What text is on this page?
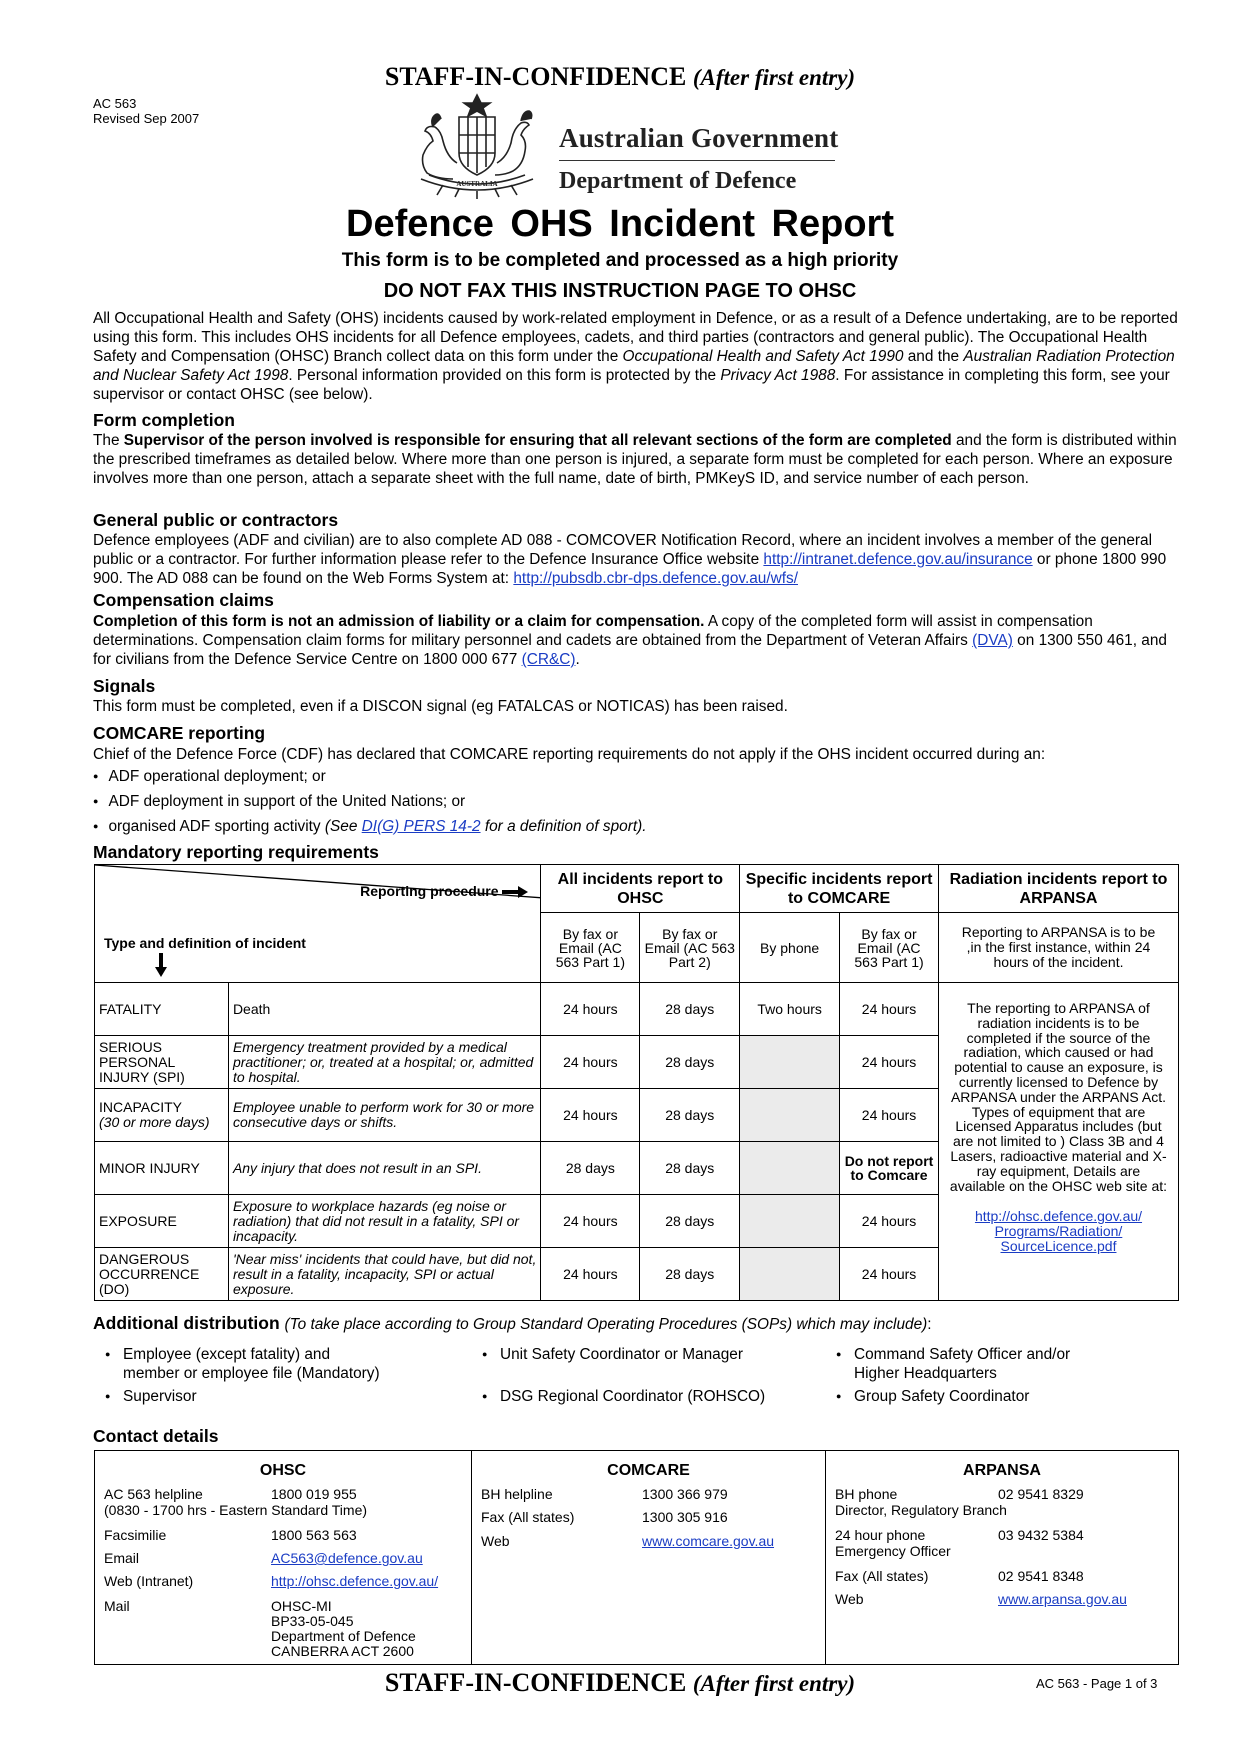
STAFF-IN-CONFIDENCE (After first entry)
AC 563
Revised Sep 2007
AUSTRALIA
Australian Government
Department of Defence
Defence OHS Incident Report
This form is to be completed and processed as a high priority
DO NOT FAX THIS INSTRUCTION PAGE TO OHSC
All Occupational Health and Safety (OHS) incidents caused by work-related employment in Defence, or as a result of a Defence undertaking, are to be reported using this form. This includes OHS incidents for all Defence employees, cadets, and third parties (contractors and general public). The Occupational Health Safety and Compensation (OHSC) Branch collect data on this form under the Occupational Health and Safety Act 1990 and the Australian Radiation Protection and Nuclear Safety Act 1998. Personal information provided on this form is protected by the Privacy Act 1988. For assistance in completing this form, see your supervisor or contact OHSC (see below).
Form completion
The Supervisor of the person involved is responsible for ensuring that all relevant sections of the form are completed and the form is distributed within the prescribed timeframes as detailed below. Where more than one person is injured, a separate form must be completed for each person. Where an exposure involves more than one person, attach a separate sheet with the full name, date of birth, PMKeyS ID, and service number of each person.
General public or contractors
Defence employees (ADF and civilian) are to also complete AD 088 - COMCOVER Notification Record, where an incident involves a member of the general public or a contractor. For further information please refer to the Defence Insurance Office website http://intranet.defence.gov.au/insurance or phone 1800 990 900. The AD 088 can be found on the Web Forms System at: http://pubsdb.cbr-dps.defence.gov.au/wfs/
Compensation claims
Completion of this form is not an admission of liability or a claim for compensation. A copy of the completed form will assist in compensation determinations. Compensation claim forms for military personnel and cadets are obtained from the Department of Veteran Affairs (DVA) on 1300 550 461, and for civilians from the Defence Service Centre on 1800 000 677 (CR&C).
Signals
This form must be completed, even if a DISCON signal (eg FATALCAS or NOTICAS) has been raised.
COMCARE reporting
Chief of the Defence Force (CDF) has declared that COMCARE reporting requirements do not apply if the OHS incident occurred during an:
● ADF operational deployment; or
● ADF deployment in support of the United Nations; or
● organised ADF sporting activity (See DI(G) PERS 14-2 for a definition of sport).
Mandatory reporting requirements
Reporting procedure
Type and definition of incident		All incidents report to OHSC		Specific incidents report to COMCARE		Radiation incidents report to ARPANSA
		By fax or Email (AC 563 Part 1)	By fax or Email (AC 563 Part 2)	By phone	By fax or Email (AC 563 Part 1)	Reporting to ARPANSA is to be ,in the first instance, within 24 hours of the incident.

FATALITY	Death	24 hours	28 days	Two hours	24 hours	The reporting to ARPANSA of radiation incidents is to be completed if the source of the radiation, which caused or had potential to cause an exposure, is currently licensed to Defence by ARPANSA under the ARPANS Act. Types of equipment that are Licensed Apparatus includes (but are not limited to ) Class 3B and 4 Lasers, radioactive material and X-ray equipment, Details are available on the OHSC web site at:
http://ohsc.defence.gov.au/ Programs/Radiation/ SourceLicence.pdf

SERIOUS PERSONAL INJURY (SPI)	Emergency treatment provided by a medical practitioner; or, treated at a hospital; or, admitted to hospital.	24 hours	28 days		24 hours	

INCAPACITY
(30 or more days)	Employee unable to perform work for 30 or more consecutive days or shifts.	24 hours	28 days		24 hours	

MINOR INJURY	Any injury that does not result in an SPI.	28 days	28 days		Do not report to Comcare	

EXPOSURE	Exposure to workplace hazards (eg noise or radiation) that did not result in a fatality, SPI or incapacity.	24 hours	28 days		24 hours	

DANGEROUS OCCURRENCE (DO)	'Near miss' incidents that could have, but did not, result in a fatality, incapacity, SPI or actual exposure.	24 hours	28 days		24 hours	
Additional distribution (To take place according to Group Standard Operating Procedures (SOPs) which may include):
● Employee (except fatality) and
member or employee file (Mandatory)
● Supervisor
● Unit Safety Coordinator or Manager
● DSG Regional Coordinator (ROHSCO)
● Command Safety Officer and/or
Higher Headquarters
● Group Safety Coordinator
Contact details
OHSC
AC 563 helpline	1800 019 955
(0830 - 1700 hrs - Eastern Standard Time)
Facsimilie	1800 563 563
Email	AC563@defence.gov.au
Web (Intranet)	http://ohsc.defence.gov.au/
Mail	OHSC-MI
BP33-05-045
Department of Defence
CANBERRA ACT 2600
COMCARE
BH helpline	1300 366 979
Fax (All states)	1300 305 916
Web	www.comcare.gov.au
ARPANSA
BH phone	02 9541 8329
Director, Regulatory Branch
24 hour phone	03 9432 5384
Emergency Officer
Fax (All states)	02 9541 8348
Web	www.arpansa.gov.au
STAFF-IN-CONFIDENCE (After first entry)	AC 563 - Page 1 of 3
